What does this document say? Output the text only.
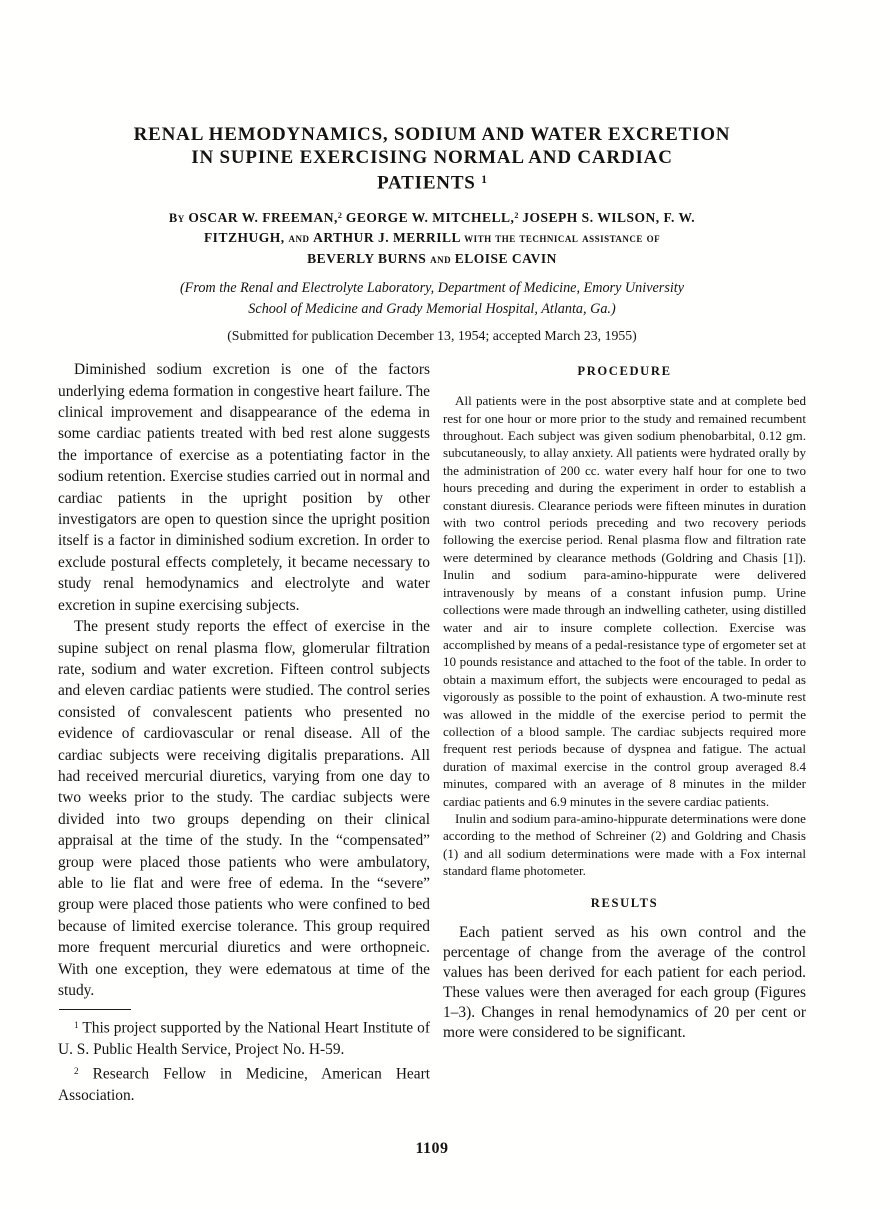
RENAL HEMODYNAMICS, SODIUM AND WATER EXCRETION
IN SUPINE EXERCISING NORMAL AND CARDIAC
PATIENTS $^1$
By OSCAR W. FREEMAN,$^2$ GEORGE W. MITCHELL,$^2$ JOSEPH S. WILSON, F. W.
FITZHUGH, and ARTHUR J. MERRILL with the technical assistance of
BEVERLY BURNS and ELOISE CAVIN
(From the Renal and Electrolyte Laboratory, Department of Medicine, Emory University
School of Medicine and Grady Memorial Hospital, Atlanta, Ga.)
(Submitted for publication December 13, 1954; accepted March 23, 1955)

Diminished sodium excretion is one of the factors underlying edema formation in congestive heart failure. The clinical improvement and disappearance of the edema in some cardiac patients treated with bed rest alone suggests the importance of exercise as a potentiating factor in the sodium retention. Exercise studies carried out in normal and cardiac patients in the upright position by other investigators are open to question since the upright position itself is a factor in diminished sodium excretion. In order to exclude postural effects completely, it became necessary to study renal hemodynamics and electrolyte and water excretion in supine exercising subjects.

The present study reports the effect of exercise in the supine subject on renal plasma flow, glomerular filtration rate, sodium and water excretion. Fifteen control subjects and eleven cardiac patients were studied. The control series consisted of convalescent patients who presented no evidence of cardiovascular or renal disease. All of the cardiac subjects were receiving digitalis preparations. All had received mercurial diuretics, varying from one day to two weeks prior to the study. The cardiac subjects were divided into two groups depending on their clinical appraisal at the time of the study. In the “compensated” group were placed those patients who were ambulatory, able to lie flat and were free of edema. In the “severe” group were placed those patients who were confined to bed because of limited exercise tolerance. This group required more frequent mercurial diuretics and were orthopneic. With one exception, they were edematous at time of the study.

$^1$ This project supported by the National Heart Institute of U. S. Public Health Service, Project No. H-59.

$^2$ Research Fellow in Medicine, American Heart Association.

PROCEDURE

All patients were in the post absorptive state and at complete bed rest for one hour or more prior to the study and remained recumbent throughout. Each subject was given sodium phenobarbital, 0.12 gm. subcutaneously, to allay anxiety. All patients were hydrated orally by the administration of 200 cc. water every half hour for one to two hours preceding and during the experiment in order to establish a constant diuresis. Clearance periods were fifteen minutes in duration with two control periods preceding and two recovery periods following the exercise period. Renal plasma flow and filtration rate were determined by clearance methods (Goldring and Chasis [1]). Inulin and sodium para-amino-hippurate were delivered intravenously by means of a constant infusion pump. Urine collections were made through an indwelling catheter, using distilled water and air to insure complete collection. Exercise was accomplished by means of a pedal-resistance type of ergometer set at 10 pounds resistance and attached to the foot of the table. In order to obtain a maximum effort, the subjects were encouraged to pedal as vigorously as possible to the point of exhaustion. A two-minute rest was allowed in the middle of the exercise period to permit the collection of a blood sample. The cardiac subjects required more frequent rest periods because of dyspnea and fatigue. The actual duration of maximal exercise in the control group averaged 8.4 minutes, compared with an average of 8 minutes in the milder cardiac patients and 6.9 minutes in the severe cardiac patients.

Inulin and sodium para-amino-hippurate determinations were done according to the method of Schreiner (2) and Goldring and Chasis (1) and all sodium determinations were made with a Fox internal standard flame photometer.

RESULTS

Each patient served as his own control and the percentage of change from the average of the control values has been derived for each patient for each period. These values were then averaged for each group (Figures 1–3). Changes in renal hemodynamics of 20 per cent or more were considered to be significant.

1109
